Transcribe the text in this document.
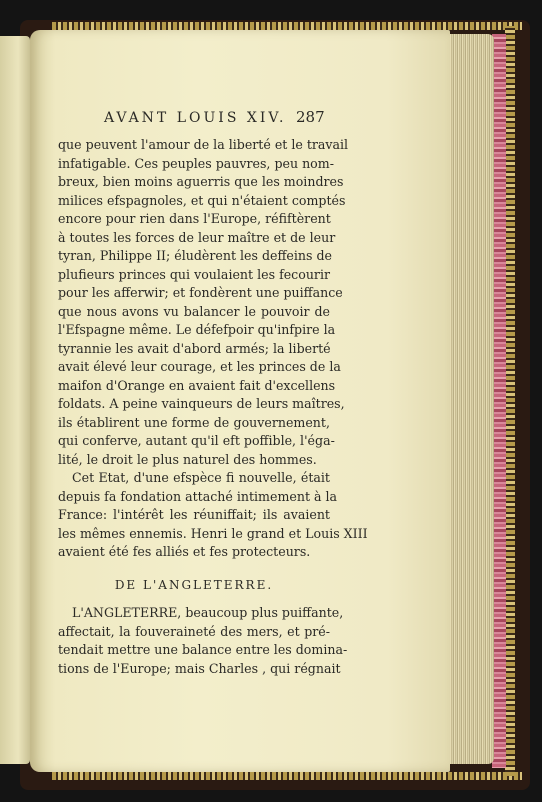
AVANT LOUIS XIV. 287
que peuvent l'amour de la liberté et le travail
infatigable. Ces peuples pauvres, peu nom-
breux, bien moins aguerris que les moindres
milices efspagnoles, et qui n'étaient comptés
encore pour rien dans l'Europe, réfiftèrent
à toutes les forces de leur maître et de leur
tyran, Philippe II; éludèrent les deffeins de
plufieurs princes qui voulaient les fecourir
pour les afferwir; et fondèrent une puiffance
que nous avons vu balancer le pouvoir de
l'Efspagne même. Le défefpoir qu'infpire la
tyrannie les avait d'abord armés; la liberté
avait élevé leur courage, et les princes de la
maifon d'Orange en avaient fait d'excellens
foldats. A peine vainqueurs de leurs maîtres,
ils établirent une forme de gouvernement,
qui conferve, autant qu'il eft poffible, l'éga-
lité, le droit le plus naturel des hommes.
Cet Etat, d'une efspèce fi nouvelle, était
depuis fa fondation attaché intimement à la
France: l'intérêt les réuniffait; ils avaient
les mêmes ennemis. Henri le grand et Louis XIII
avaient été fes alliés et fes protecteurs.
DE L'ANGLETERRE.
L'ANGLETERRE, beaucoup plus puiffante,
affectait, la fouveraineté des mers, et pré-
tendait mettre une balance entre les domina-
tions de l'Europe; mais Charles , qui régnait
